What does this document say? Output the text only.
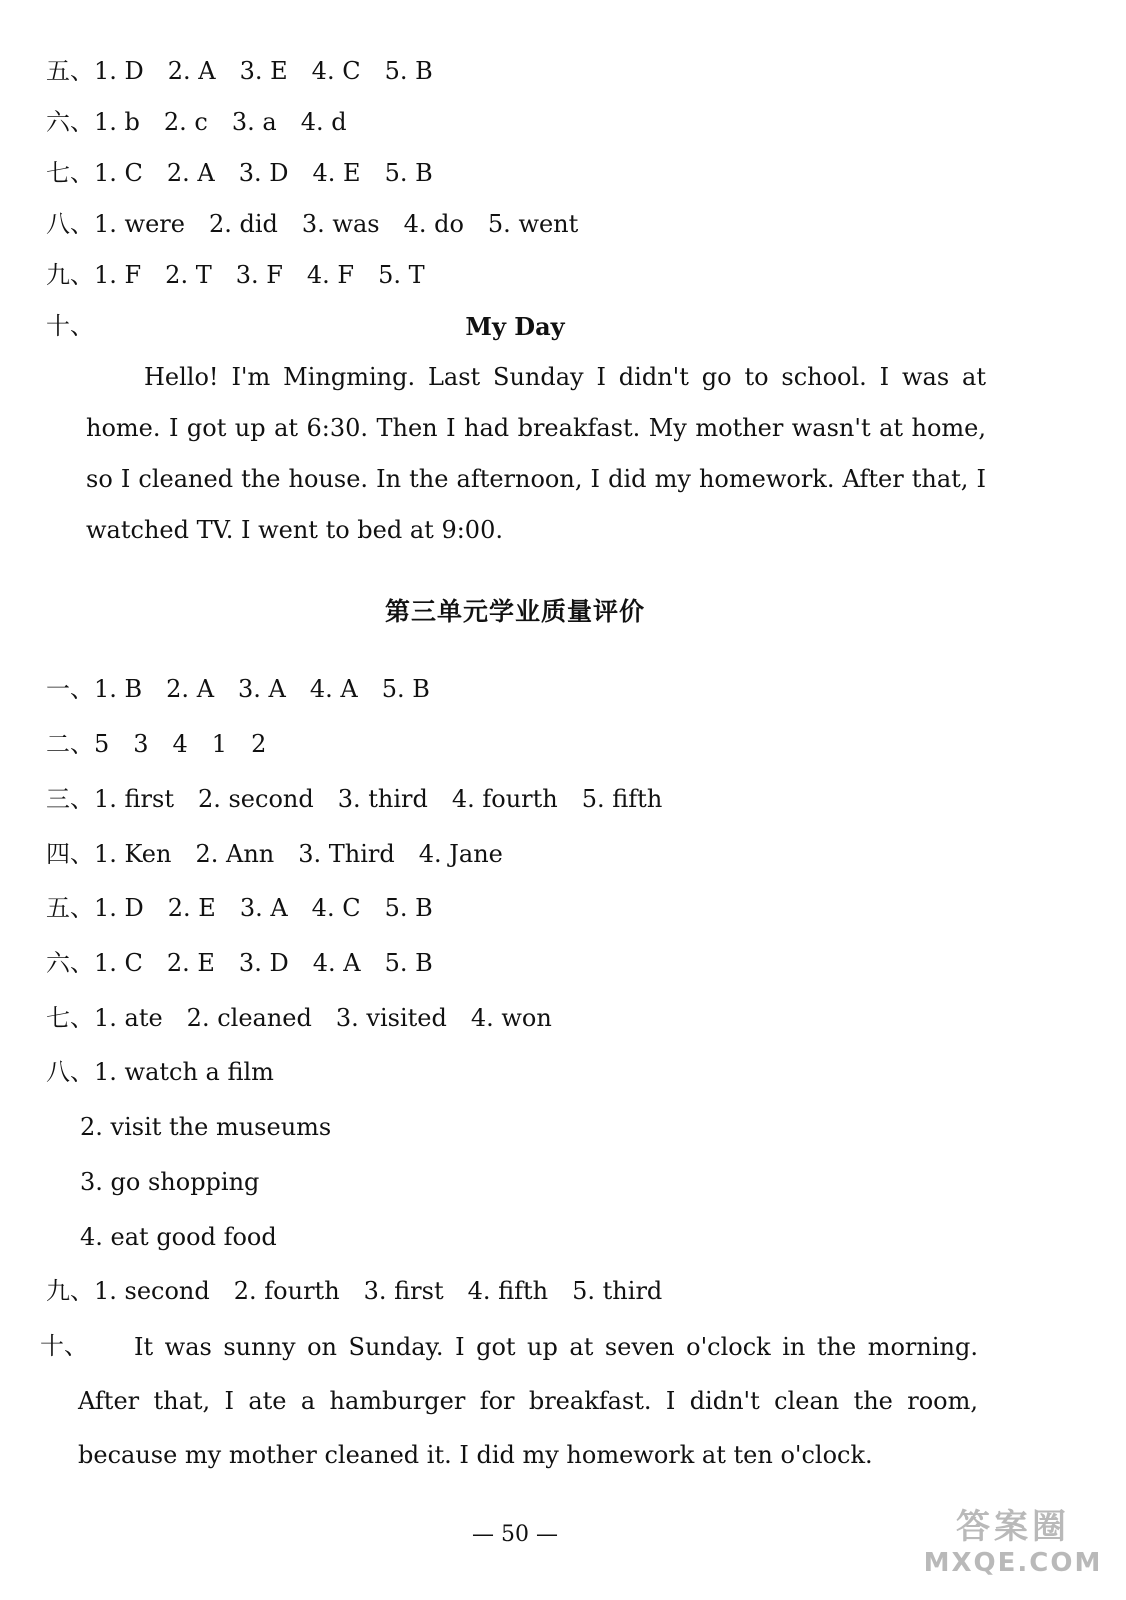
五、1. D　2. A　3. E　4. C　5. B
六、1. b　2. c　3. a　4. d
七、1. C　2. A　3. D　4. E　5. B
八、1. were　2. did　3. was　4. do　5. went
九、1. F　2. T　3. F　4. F　5. T
十、	My Day
Hello! I'm Mingming. Last Sunday I didn't go to school. I was at home. I got up at 6:30. Then I had breakfast. My mother wasn't at home, so I cleaned the house. In the afternoon, I did my homework. After that, I watched TV. I went to bed at 9:00.
第三单元学业质量评价
一、1. B　2. A　3. A　4. A　5. B
二、5　3　4　1　2
三、1. first　2. second　3. third　4. fourth　5. fifth
四、1. Ken　2. Ann　3. Third　4. Jane
五、1. D　2. E　3. A　4. C　5. B
六、1. C　2. E　3. D　4. A　5. B
七、1. ate　2. cleaned　3. visited　4. won
八、1. watch a film
2. visit the museums
3. go shopping
4. eat good food
九、1. second　2. fourth　3. first　4. fifth　5. third
十、	It was sunny on Sunday. I got up at seven o'clock in the morning. After that, I ate a hamburger for breakfast. I didn't clean the room, because my mother cleaned it. I did my homework at ten o'clock.
— 50 —	答案圈
MXQE.COM
